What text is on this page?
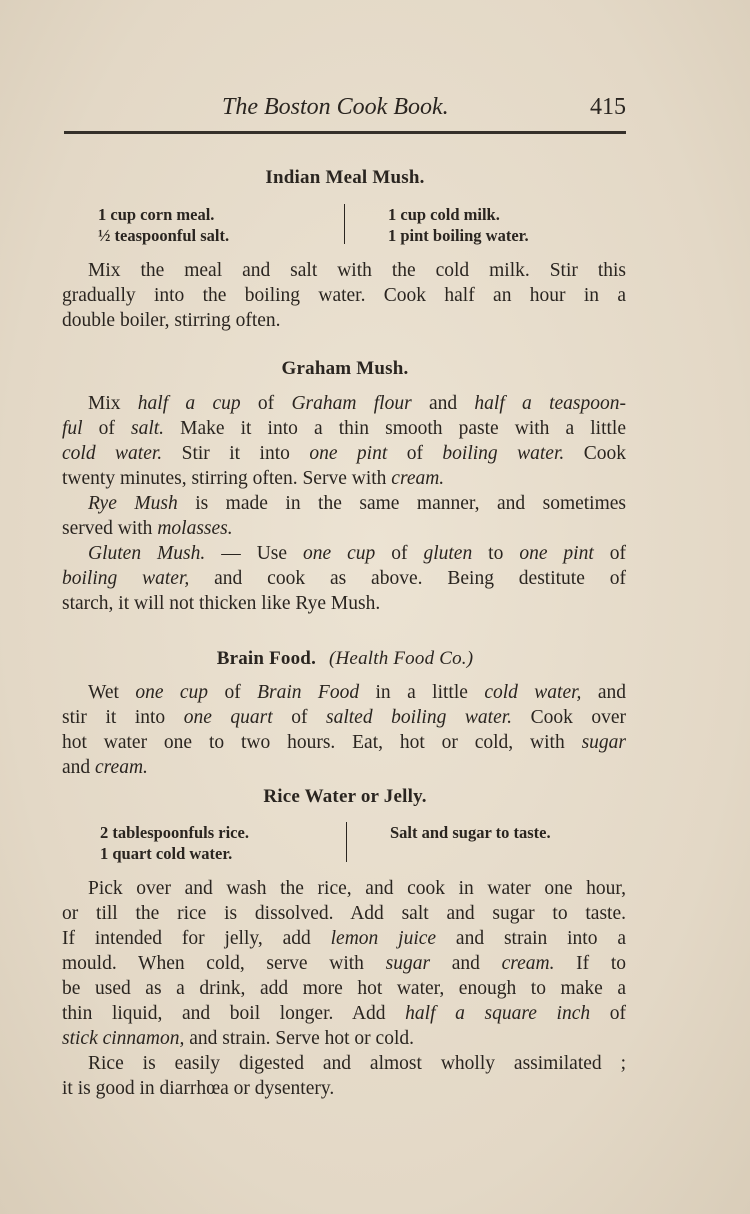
The Boston Cook Book.	415
Indian Meal Mush.
1 cup corn meal.
½ teaspoonful salt.
1 cup cold milk.
1 pint boiling water.
Mix the meal and salt with the cold milk. Stir this
gradually into the boiling water. Cook half an hour in a
double boiler, stirring often.
Graham Mush.
Mix half a cup of Graham flour and half a teaspoon-
ful of salt. Make it into a thin smooth paste with a little
cold water. Stir it into one pint of boiling water. Cook
twenty minutes, stirring often. Serve with cream.
Rye Mush is made in the same manner, and sometimes
served with molasses.
Gluten Mush. — Use one cup of gluten to one pint of
boiling water, and cook as above. Being destitute of
starch, it will not thicken like Rye Mush.
Brain Food. (Health Food Co.)
Wet one cup of Brain Food in a little cold water, and
stir it into one quart of salted boiling water. Cook over
hot water one to two hours. Eat, hot or cold, with sugar
and cream.
Rice Water or Jelly.
2 tablespoonfuls rice.
1 quart cold water.
Salt and sugar to taste.
Pick over and wash the rice, and cook in water one hour,
or till the rice is dissolved. Add salt and sugar to taste.
If intended for jelly, add lemon juice and strain into a
mould. When cold, serve with sugar and cream. If to
be used as a drink, add more hot water, enough to make a
thin liquid, and boil longer. Add half a square inch of
stick cinnamon, and strain. Serve hot or cold.
Rice is easily digested and almost wholly assimilated ;
it is good in diarrhœa or dysentery.
